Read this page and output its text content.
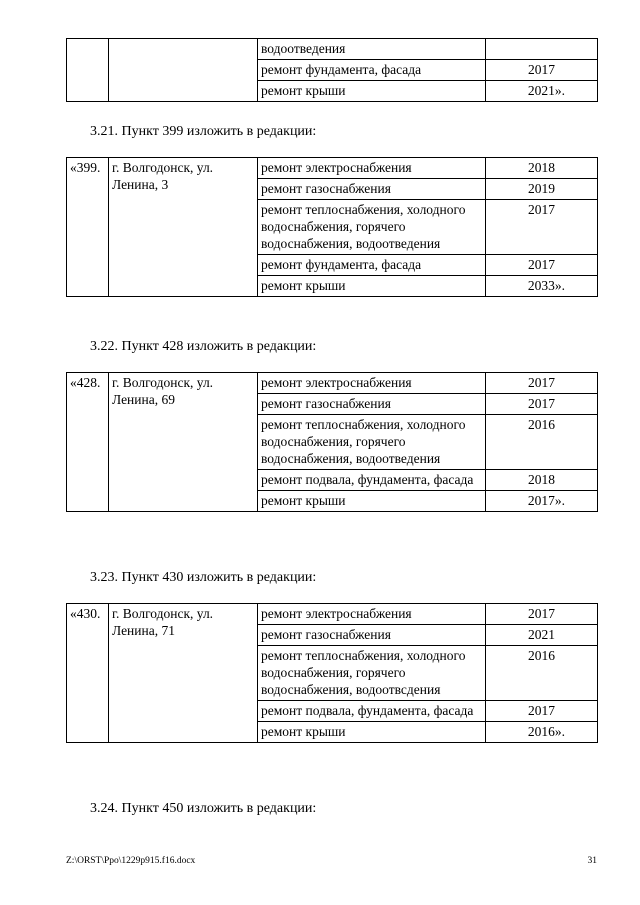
		водоотведения	
		ремонт фундамента, фасада	2017
		ремонт крыши	2021».

3.21. Пункт 399 изложить в редакции:

«399.	г. Волгодонск, ул. Ленина, 3	ремонт электроснабжения	2018
		ремонт газоснабжения	2019
		ремонт теплоснабжения, холодного водоснабжения, горячего водоснабжения, водоотведения	2017
		ремонт фундамента, фасада	2017
		ремонт крыши	2033».

3.22. Пункт 428 изложить в редакции:

«428.	г. Волгодонск, ул. Ленина, 69	ремонт электроснабжения	2017
		ремонт газоснабжения	2017
		ремонт теплоснабжения, холодного водоснабжения, горячего водоснабжения, водоотведения	2016
		ремонт подвала, фундамента, фасада	2018
		ремонт крыши	2017».

3.23. Пункт 430 изложить в редакции:

«430.	г. Волгодонск, ул. Ленина, 71	ремонт электроснабжения	2017
		ремонт газоснабжения	2021
		ремонт теплоснабжения, холодного водоснабжения, горячего водоснабжения, водоотвсдения	2016
		ремонт подвала, фундамента, фасада	2017
		ремонт крыши	2016».

3.24. Пункт 450 изложить в редакции:

Z:\ORST\Ppo\1229p915.f16.docx	31
